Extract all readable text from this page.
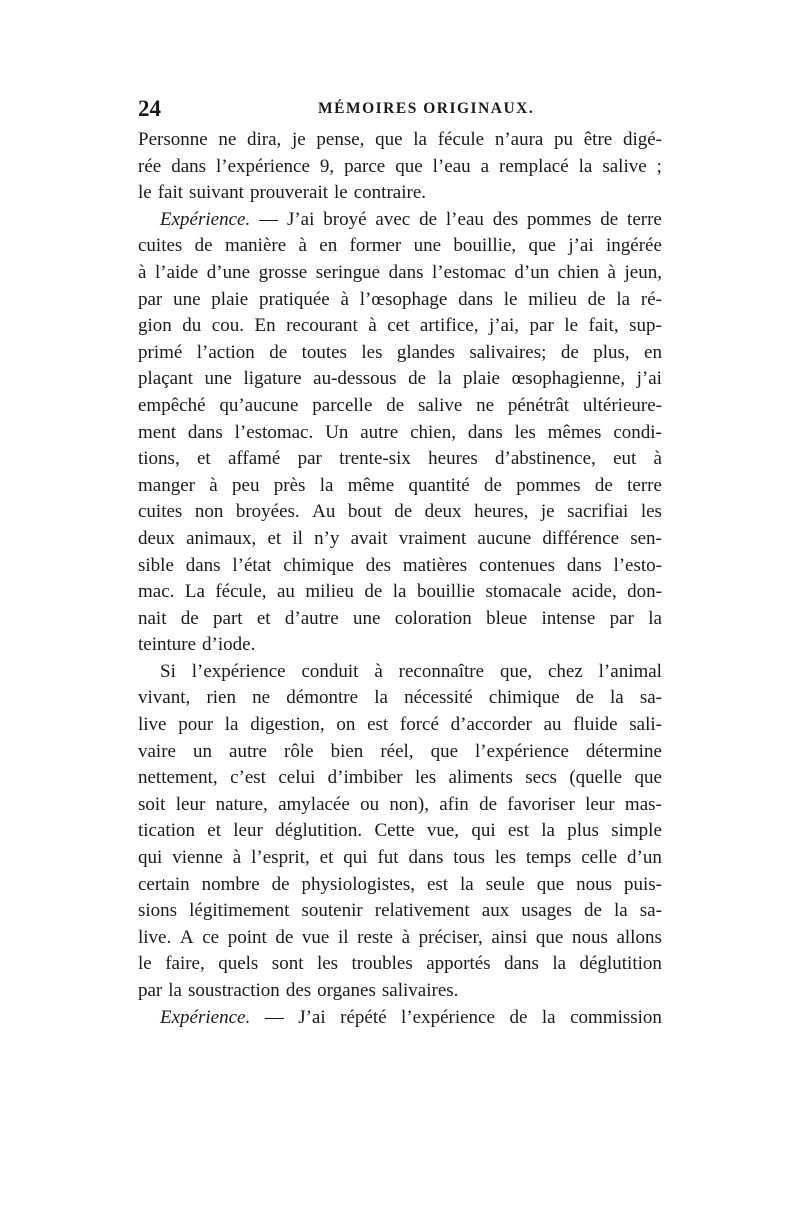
24	MÉMOIRES ORIGINAUX.
Personne ne dira, je pense, que la fécule n’aura pu être digé-
rée dans l’expérience 9, parce que l’eau a remplacé la salive ;
le fait suivant prouverait le contraire.
Expérience. — J’ai broyé avec de l’eau des pommes de terre
cuites de manière à en former une bouillie, que j’ai ingérée
à l’aide d’une grosse seringue dans l’estomac d’un chien à jeun,
par une plaie pratiquée à l’œsophage dans le milieu de la ré-
gion du cou. En recourant à cet artifice, j’ai, par le fait, sup-
primé l’action de toutes les glandes salivaires; de plus, en
plaçant une ligature au-dessous de la plaie œsophagienne, j’ai
empêché qu’aucune parcelle de salive ne pénétrât ultérieure-
ment dans l’estomac. Un autre chien, dans les mêmes condi-
tions, et affamé par trente-six heures d’abstinence, eut à
manger à peu près la même quantité de pommes de terre
cuites non broyées. Au bout de deux heures, je sacrifiai les
deux animaux, et il n’y avait vraiment aucune différence sen-
sible dans l’état chimique des matières contenues dans l’esto-
mac. La fécule, au milieu de la bouillie stomacale acide, don-
nait de part et d’autre une coloration bleue intense par la
teinture d’iode.
Si l’expérience conduit à reconnaître que, chez l’animal
vivant, rien ne démontre la nécessité chimique de la sa-
live pour la digestion, on est forcé d’accorder au fluide sali-
vaire un autre rôle bien réel, que l’expérience détermine
nettement, c’est celui d’imbiber les aliments secs (quelle que
soit leur nature, amylacée ou non), afin de favoriser leur mas-
tication et leur déglutition. Cette vue, qui est la plus simple
qui vienne à l’esprit, et qui fut dans tous les temps celle d’un
certain nombre de physiologistes, est la seule que nous puis-
sions légitimement soutenir relativement aux usages de la sa-
live. A ce point de vue il reste à préciser, ainsi que nous allons
le faire, quels sont les troubles apportés dans la déglutition
par la soustraction des organes salivaires.
Expérience. — J’ai répété l’expérience de la commission
